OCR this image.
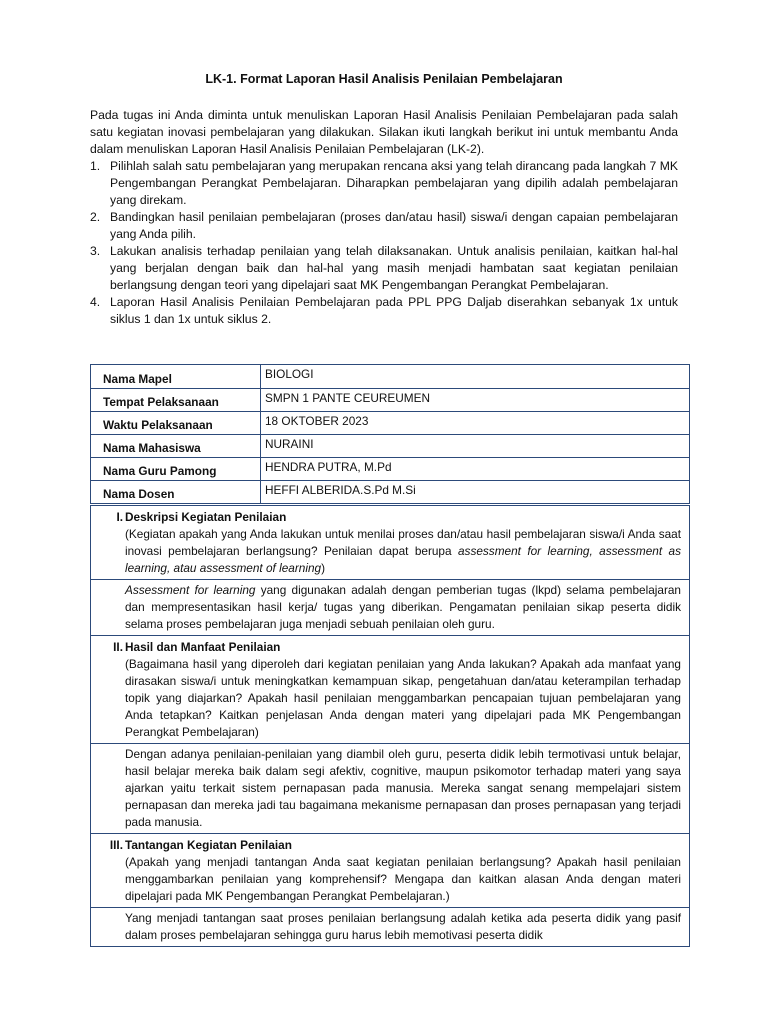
LK-1. Format Laporan Hasil Analisis Penilaian Pembelajaran

Pada tugas ini Anda diminta untuk menuliskan Laporan Hasil Analisis Penilaian Pembelajaran pada salah satu kegiatan inovasi pembelajaran yang dilakukan. Silakan ikuti langkah berikut ini untuk membantu Anda dalam menuliskan Laporan Hasil Analisis Penilaian Pembelajaran (LK-2).

1. Pilihlah salah satu pembelajaran yang merupakan rencana aksi yang telah dirancang pada langkah 7 MK Pengembangan Perangkat Pembelajaran. Diharapkan pembelajaran yang dipilih adalah pembelajaran yang direkam.
2. Bandingkan hasil penilaian pembelajaran (proses dan/atau hasil) siswa/i dengan capaian pembelajaran yang Anda pilih.
3. Lakukan analisis terhadap penilaian yang telah dilaksanakan. Untuk analisis penilaian, kaitkan hal-hal yang berjalan dengan baik dan hal-hal yang masih menjadi hambatan saat kegiatan penilaian berlangsung dengan teori yang dipelajari saat MK Pengembangan Perangkat Pembelajaran.
4. Laporan Hasil Analisis Penilaian Pembelajaran pada PPL PPG Daljab diserahkan sebanyak 1x untuk siklus 1 dan 1x untuk siklus 2.
Nama Mapel	BIOLOGI
Tempat Pelaksanaan	SMPN 1 PANTE CEUREUMEN
Waktu Pelaksanaan	18 OKTOBER 2023
Nama Mahasiswa	NURAINI
Nama Guru Pamong	HENDRA PUTRA, M.Pd
Nama Dosen	HEFFI ALBERIDA.S.Pd M.Si
I. Deskripsi Kegiatan Penilaian
(Kegiatan apakah yang Anda lakukan untuk menilai proses dan/atau hasil pembelajaran siswa/i Anda saat inovasi pembelajaran berlangsung? Penilaian dapat berupa assessment for learning, assessment as learning, atau assessment of learning)

Assessment for learning yang digunakan adalah dengan pemberian tugas (lkpd) selama pembelajaran dan mempresentasikan hasil kerja/ tugas yang diberikan. Pengamatan penilaian sikap peserta didik selama proses pembelajaran juga menjadi sebuah penilaian oleh guru.

II. Hasil dan Manfaat Penilaian
(Bagaimana hasil yang diperoleh dari kegiatan penilaian yang Anda lakukan? Apakah ada manfaat yang dirasakan siswa/i untuk meningkatkan kemampuan sikap, pengetahuan dan/atau keterampilan terhadap topik yang diajarkan? Apakah hasil penilaian menggambarkan pencapaian tujuan pembelajaran yang Anda tetapkan? Kaitkan penjelasan Anda dengan materi yang dipelajari pada MK Pengembangan Perangkat Pembelajaran)

Dengan adanya penilaian-penilaian yang diambil oleh guru, peserta didik lebih termotivasi untuk belajar, hasil belajar mereka baik dalam segi afektiv, cognitive, maupun psikomotor terhadap materi yang saya ajarkan yaitu terkait sistem pernapasan pada manusia. Mereka sangat senang mempelajari sistem pernapasan dan mereka jadi tau bagaimana mekanisme pernapasan dan proses pernapasan yang terjadi pada manusia.

III. Tantangan Kegiatan Penilaian
(Apakah yang menjadi tantangan Anda saat kegiatan penilaian berlangsung? Apakah hasil penilaian menggambarkan penilaian yang komprehensif? Mengapa dan kaitkan alasan Anda dengan materi dipelajari pada MK Pengembangan Perangkat Pembelajaran.)

Yang menjadi tantangan saat proses penilaian berlangsung adalah ketika ada peserta didik yang pasif dalam proses pembelajaran sehingga guru harus lebih memotivasi peserta didik
